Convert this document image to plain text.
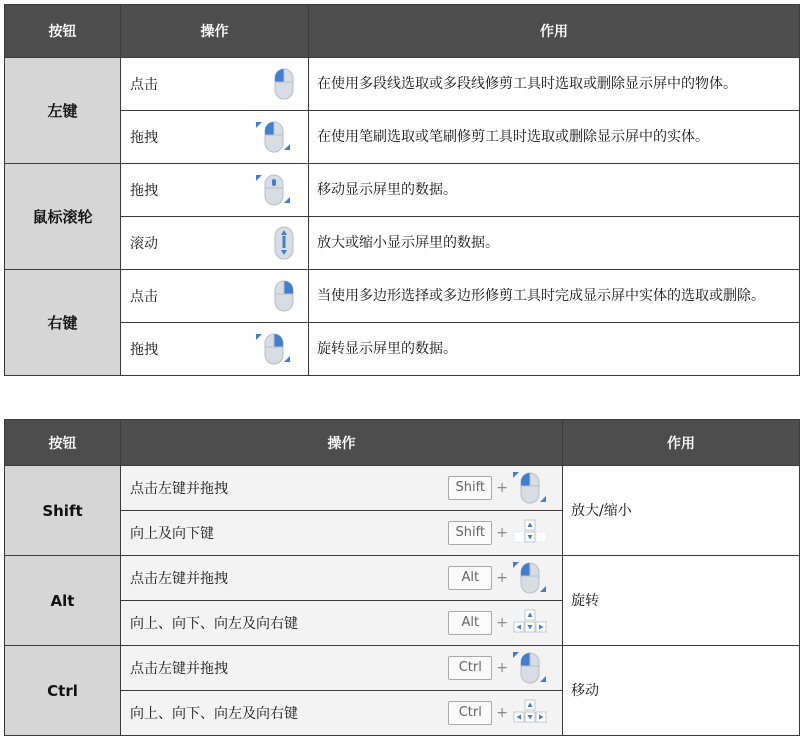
按钮	操作	作用
左键	点击	在使用多段线选取或多段线修剪工具时选取或删除显示屏中的物体。

	拖拽	在使用笔刷选取或笔刷修剪工具时选取或删除显示屏中的实体。
鼠标滚轮	拖拽	移动显示屏里的数据。

	滚动	放大或缩小显示屏里的数据。
右键	点击	当使用多边形选择或多边形修剪工具时完成显示屏中实体的选取或删除。

	拖拽	旋转显示屏里的数据。
按钮	操作	作用
Shift	点击左键并拖拽 Shift +	放大/缩小

	向上及向下键 Shift +	

Alt	点击左键并拖拽 Alt +	旋转

	向上、向下、向左及向右键 Alt +	

Ctrl	点击左键并拖拽 Ctrl +	移动

	向上、向下、向左及向右键 Ctrl +	
